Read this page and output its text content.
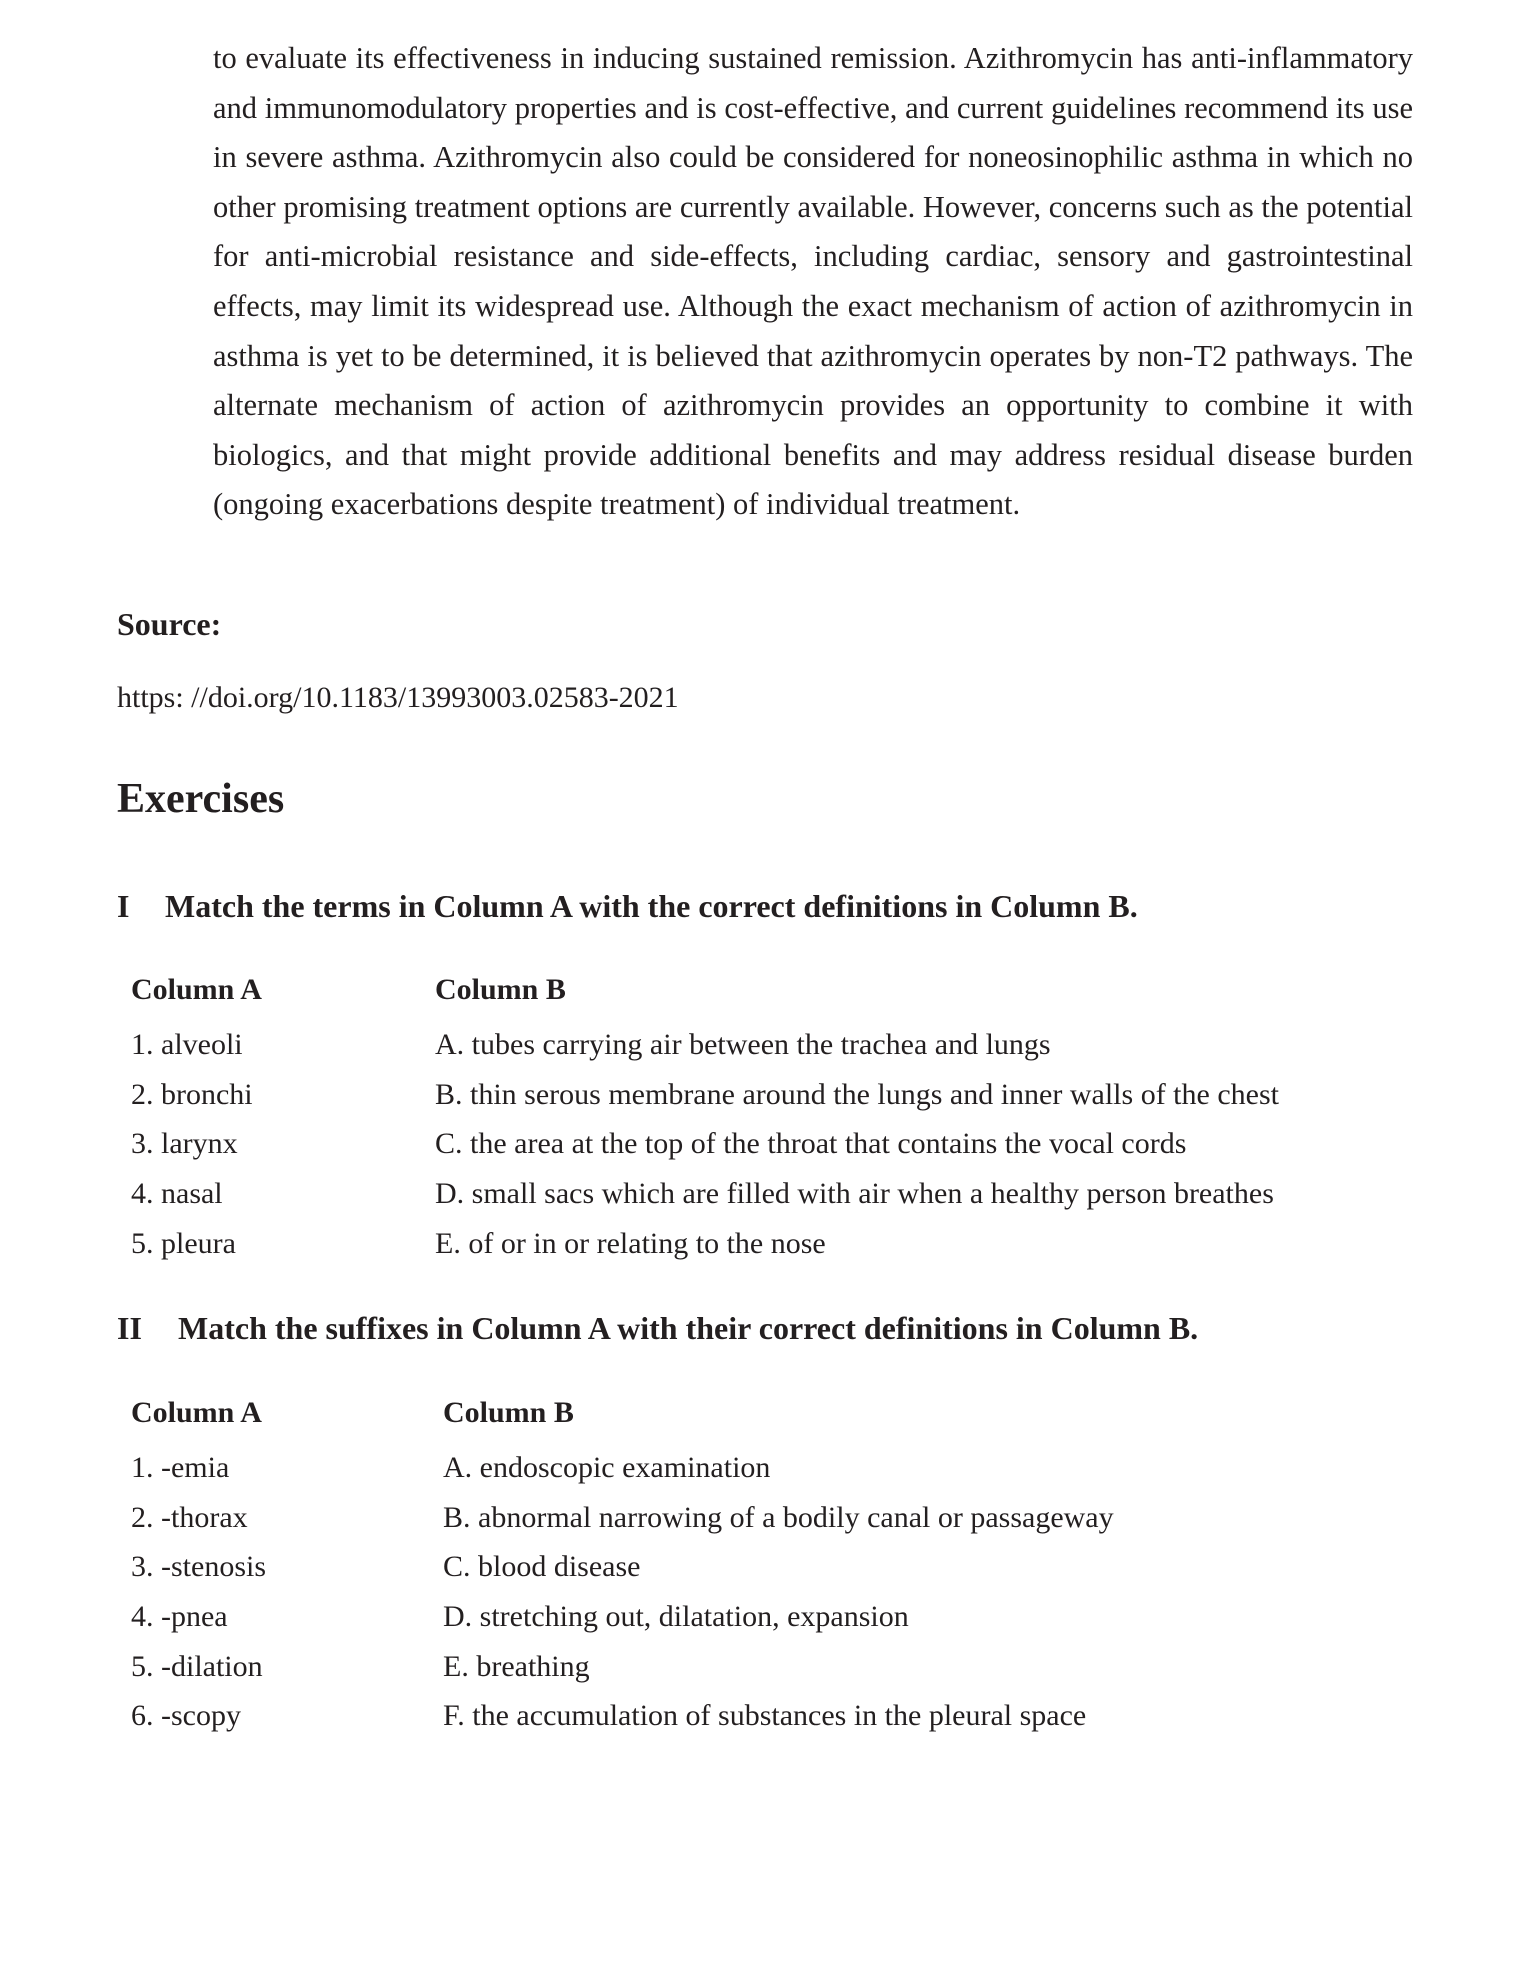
to evaluate its effectiveness in inducing sustained remission. Azithromycin has anti-inflammatory and immunomodulatory properties and is cost-effective, and current guidelines recommend its use in severe asthma. Azithromycin also could be considered for noneosinophilic asthma in which no other promising treatment options are currently available. However, concerns such as the potential for anti-microbial resistance and side-effects, including cardiac, sensory and gastrointestinal effects, may limit its widespread use. Although the exact mechanism of action of azithromycin in asthma is yet to be determined, it is believed that azithromycin operates by non-T2 pathways. The alternate mechanism of action of azithromycin provides an opportunity to combine it with biologics, and that might provide additional benefits and may address residual disease burden (ongoing exacerbations despite treatment) of individual treatment.

Source:

https: //doi.org/10.1183/13993003.02583-2021

Exercises
I Match the terms in Column A with the correct definitions in Column B.
Column A	Column B
1. alveoli
2. bronchi
3. larynx
4. nasal
5. pleura
A. tubes carrying air between the trachea and lungs
B. thin serous membrane around the lungs and inner walls of the chest
C. the area at the top of the throat that contains the vocal cords
D. small sacs which are filled with air when a healthy person breathes
E. of or in or relating to the nose
II Match the suffixes in Column A with their correct definitions in Column B.
Column A	Column B
1. -emia
2. -thorax
3. -stenosis
4. -pnea
5. -dilation
6. -scopy
A. endoscopic examination
B. abnormal narrowing of a bodily canal or passageway
C. blood disease
D. stretching out, dilatation, expansion
E. breathing
F. the accumulation of substances in the pleural space
